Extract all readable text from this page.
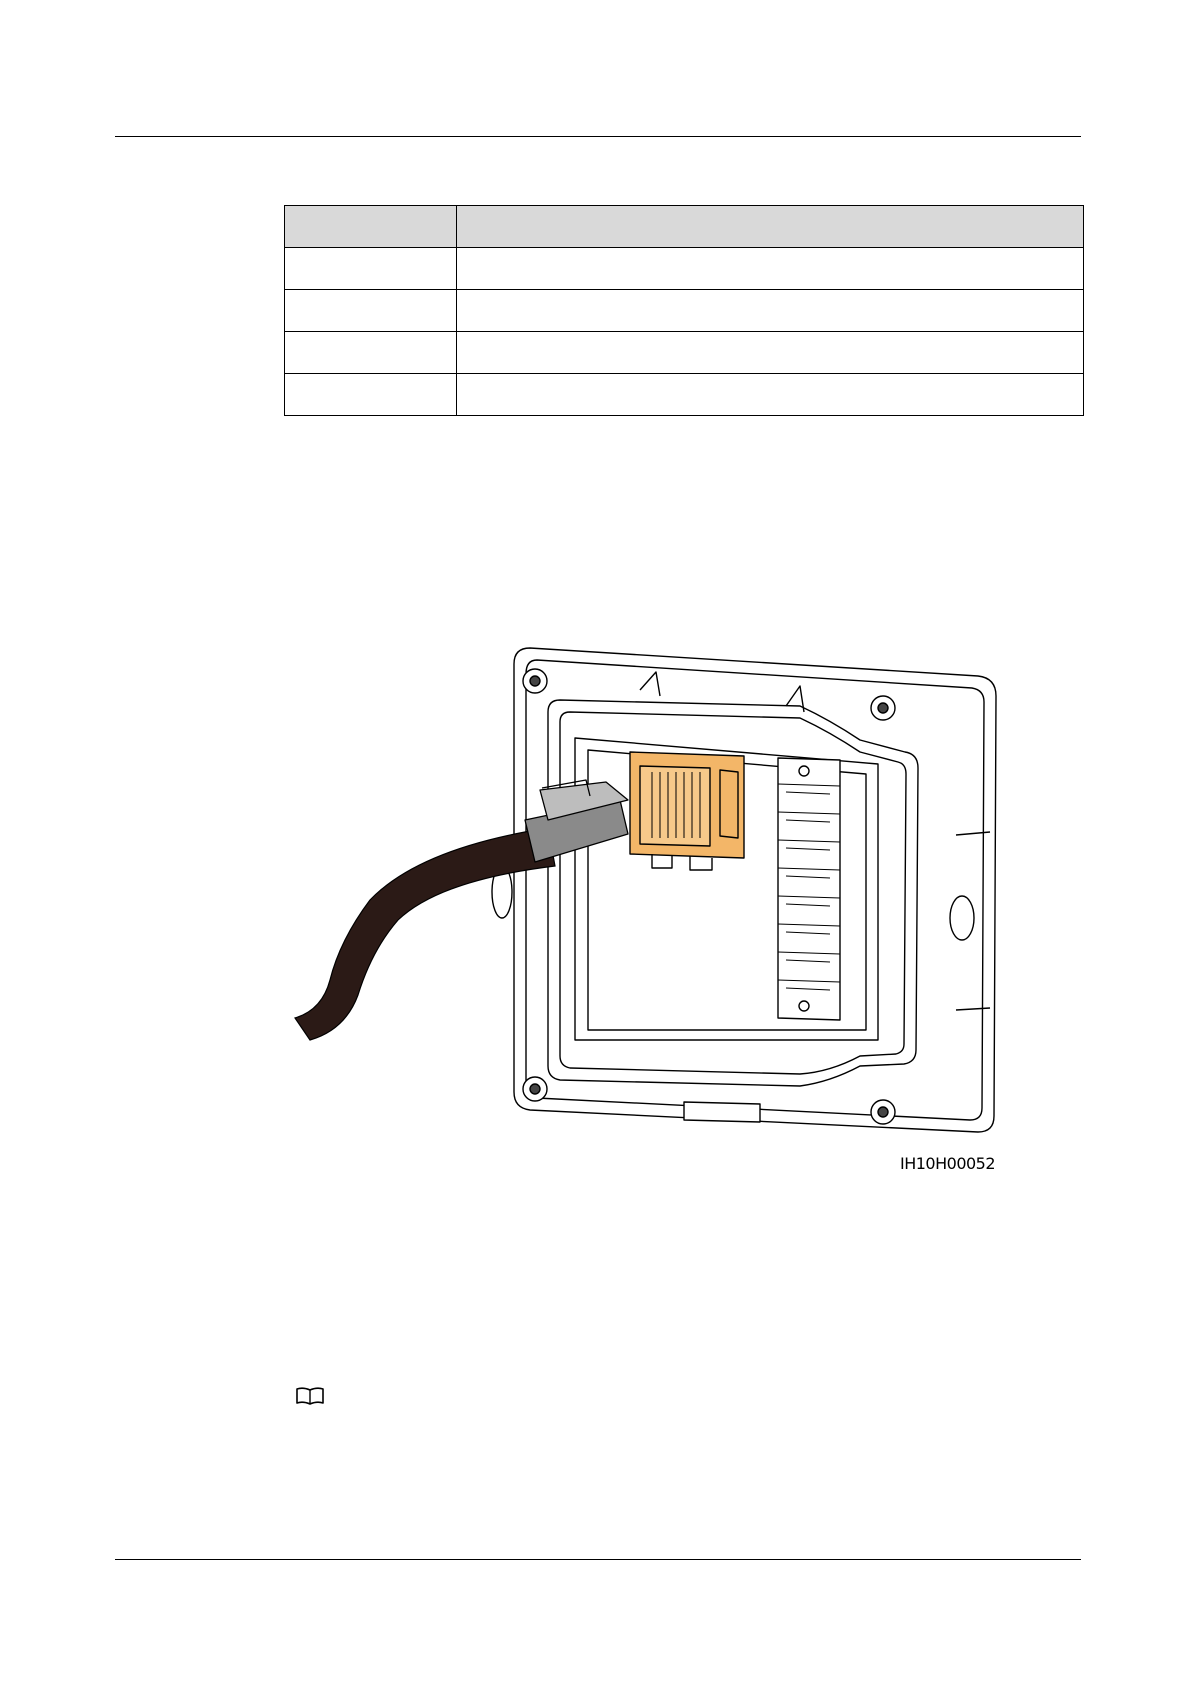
IH10H00052
